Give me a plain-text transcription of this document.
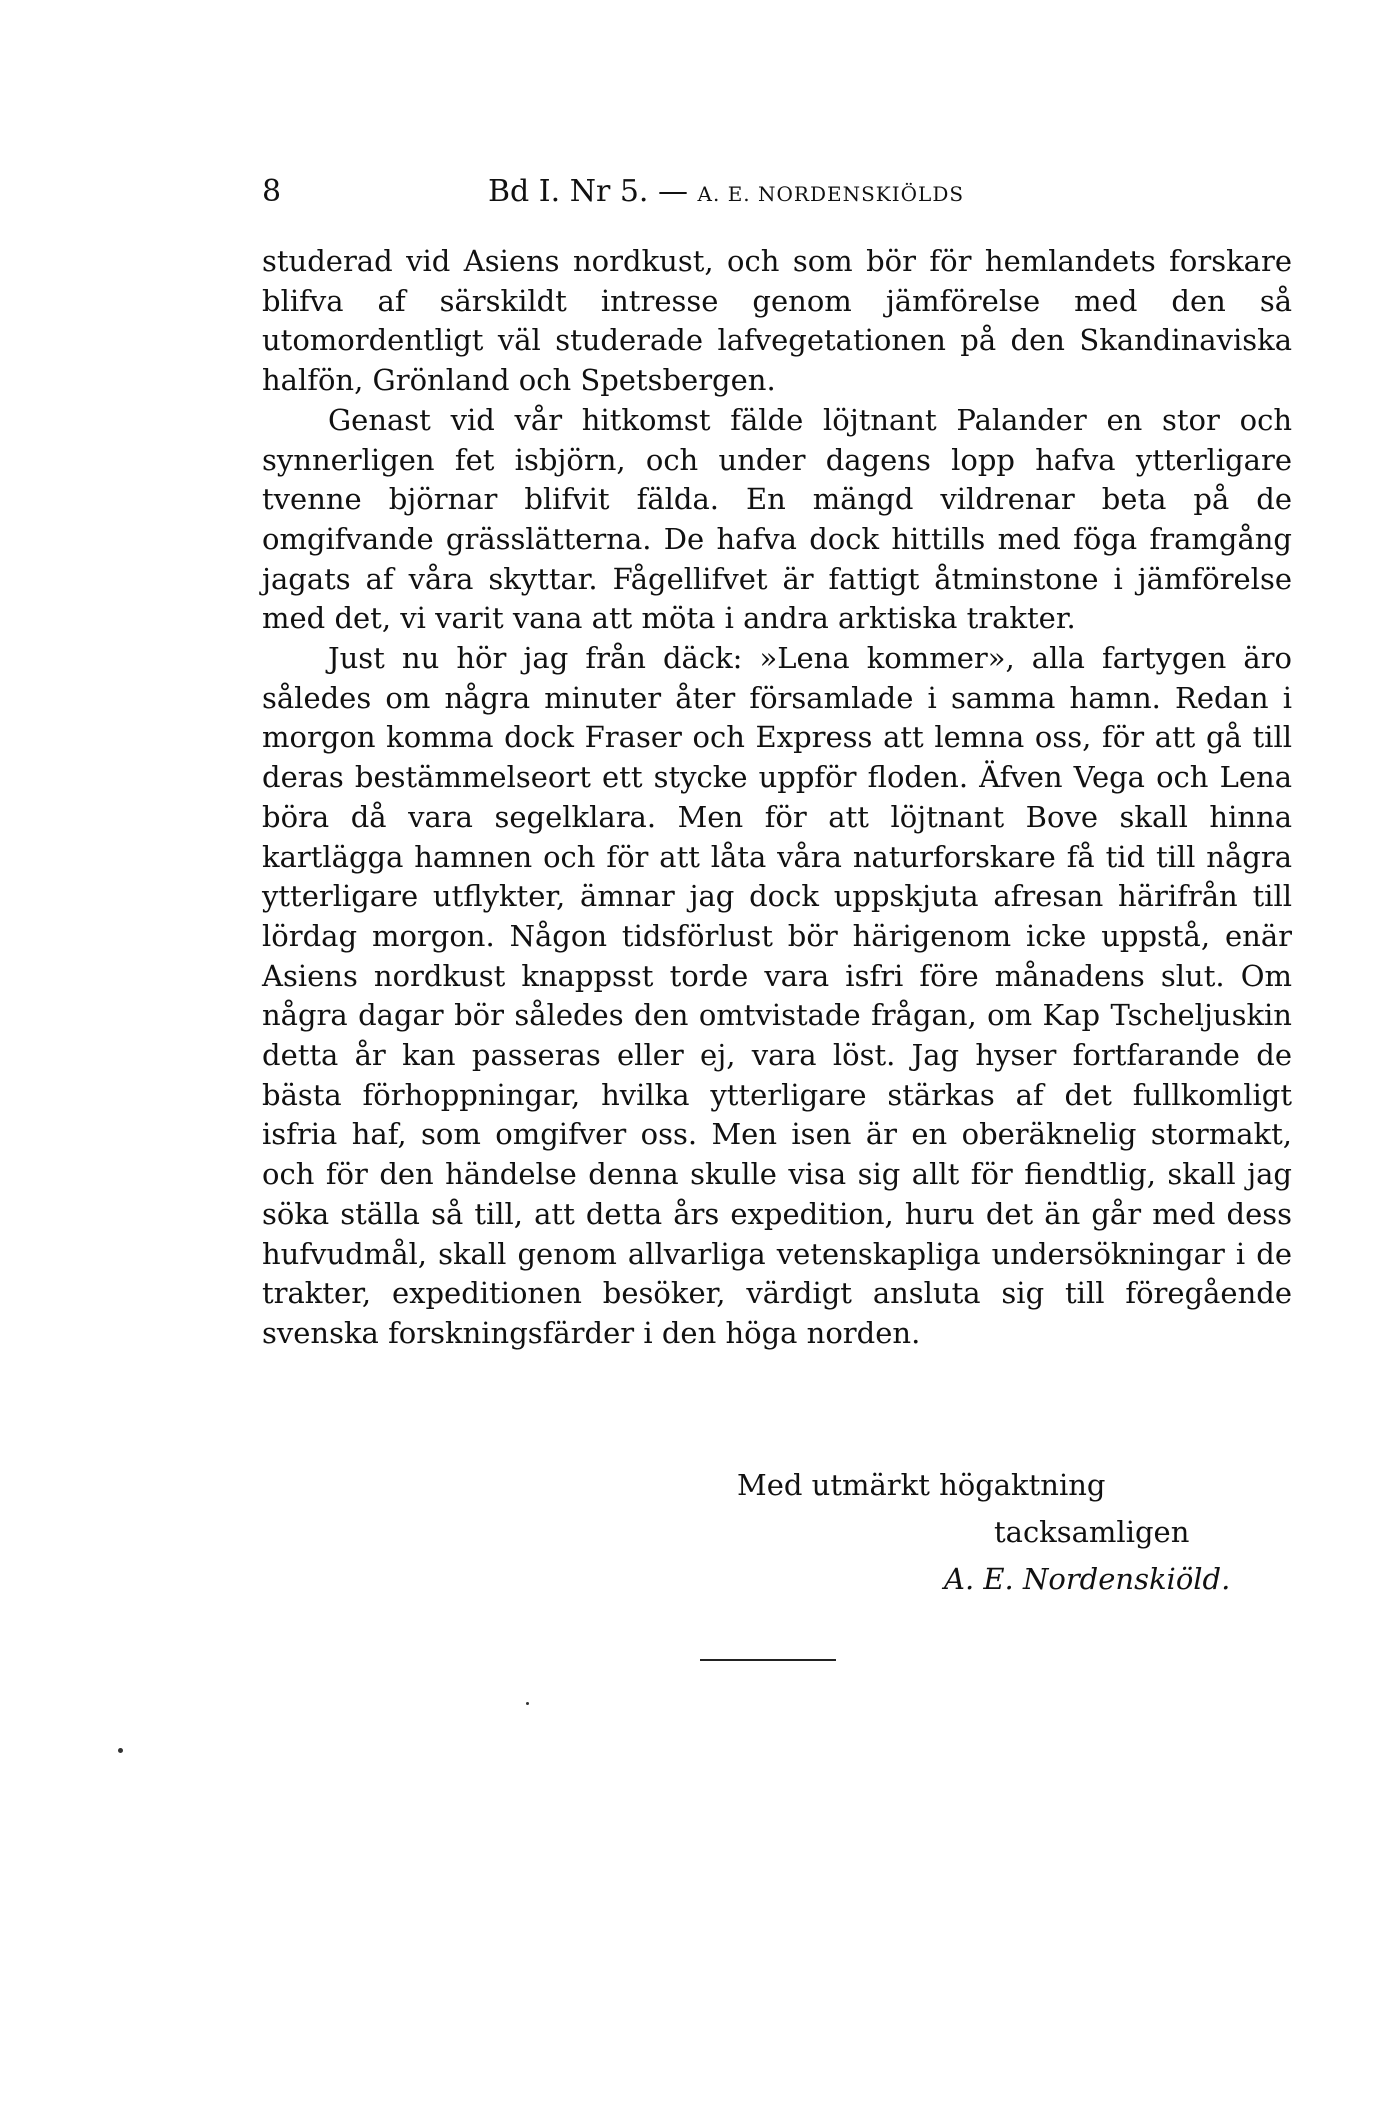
8	Bd I. Nr 5. — A. E. NORDENSKIÖLDS

studerad vid Asiens nordkust, och som bör för hemlandets forskare blifva af särskildt intresse genom jämförelse med den så utomordentligt väl studerade lafvegetationen på den Skandinaviska halfön, Grönland och Spetsbergen.

Genast vid vår hitkomst fälde löjtnant Palander en stor och synnerligen fet isbjörn, och under dagens lopp hafva ytterligare tvenne björnar blifvit fälda. En mängd vildrenar beta på de omgifvande grässlätterna. De hafva dock hittills med föga framgång jagats af våra skyttar. Fågellifvet är fattigt åtminstone i jämförelse med det, vi varit vana att möta i andra arktiska trakter.

Just nu hör jag från däck: »Lena kommer», alla fartygen äro således om några minuter åter församlade i samma hamn. Redan i morgon komma dock Fraser och Express att lemna oss, för att gå till deras bestämmelseort ett stycke uppför floden. Äfven Vega och Lena böra då vara segelklara. Men för att löjtnant Bove skall hinna kartlägga hamnen och för att låta våra naturforskare få tid till några ytterligare utflykter, ämnar jag dock uppskjuta afresan härifrån till lördag morgon. Någon tidsförlust bör härigenom icke uppstå, enär Asiens nordkust knappsst torde vara isfri före månadens slut. Om några dagar bör således den omtvistade frågan, om Kap Tscheljuskin detta år kan passeras eller ej, vara löst. Jag hyser fortfarande de bästa förhoppningar, hvilka ytterligare stärkas af det fullkomligt isfria haf, som omgifver oss. Men isen är en oberäknelig stormakt, och för den händelse denna skulle visa sig allt för fiendtlig, skall jag söka ställa så till, att detta års expedition, huru det än går med dess hufvudmål, skall genom allvarliga vetenskapliga undersökningar i de trakter, expeditionen besöker, värdigt ansluta sig till föregående svenska forskningsfärder i den höga norden.

Med utmärkt högaktning
tacksamligen
A. E. Nordenskiöld.
